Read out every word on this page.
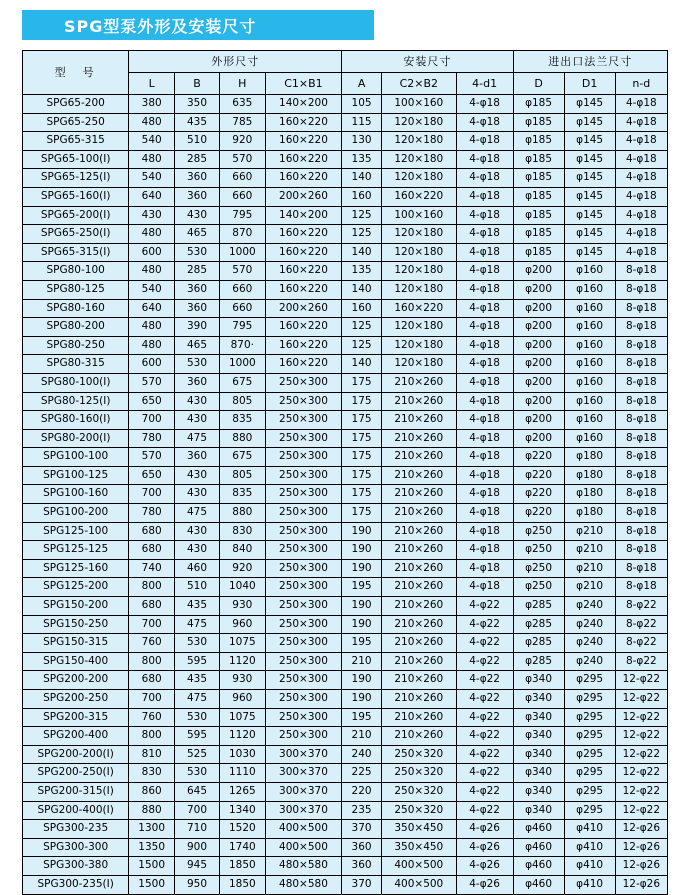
SPG型泵外形及安装尺寸
型　号	外形尺寸				安装尺寸			进出口法兰尺寸		
	L	B	H	C1×B1	A	C2×B2	4-d1	D	D1	n-d
SPG65-200	380	350	635	140×200	105	100×160	4-φ18	φ185	φ145	4-φ18
SPG65-250	480	435	785	160×220	115	120×180	4-φ18	φ185	φ145	4-φ18
SPG65-315	540	510	920	160×220	130	120×180	4-φ18	φ185	φ145	4-φ18
SPG65-100(Ⅰ)	480	285	570	160×220	135	120×180	4-φ18	φ185	φ145	4-φ18
SPG65-125(Ⅰ)	540	360	660	160×220	140	120×180	4-φ18	φ185	φ145	4-φ18
SPG65-160(Ⅰ)	640	360	660	200×260	160	160×220	4-φ18	φ185	φ145	4-φ18
SPG65-200(Ⅰ)	430	430	795	140×200	125	100×160	4-φ18	φ185	φ145	4-φ18
SPG65-250(Ⅰ)	480	465	870	160×220	125	120×180	4-φ18	φ185	φ145	4-φ18
SPG65-315(Ⅰ)	600	530	1000	160×220	140	120×180	4-φ18	φ185	φ145	4-φ18
SPG80-100	480	285	570	160×220	135	120×180	4-φ18	φ200	φ160	8-φ18
SPG80-125	540	360	660	160×220	140	120×180	4-φ18	φ200	φ160	8-φ18
SPG80-160	640	360	660	200×260	160	160×220	4-φ18	φ200	φ160	8-φ18
SPG80-200	480	390	795	160×220	125	120×180	4-φ18	φ200	φ160	8-φ18
SPG80-250	480	465	870·	160×220	125	120×180	4-φ18	φ200	φ160	8-φ18
SPG80-315	600	530	1000	160×220	140	120×180	4-φ18	φ200	φ160	8-φ18
SPG80-100(Ⅰ)	570	360	675	250×300	175	210×260	4-φ18	φ200	φ160	8-φ18
SPG80-125(Ⅰ)	650	430	805	250×300	175	210×260	4-φ18	φ200	φ160	8-φ18
SPG80-160(Ⅰ)	700	430	835	250×300	175	210×260	4-φ18	φ200	φ160	8-φ18
SPG80-200(Ⅰ)	780	475	880	250×300	175	210×260	4-φ18	φ200	φ160	8-φ18
SPG100-100	570	360	675	250×300	175	210×260	4-φ18	φ220	φ180	8-φ18
SPG100-125	650	430	805	250×300	175	210×260	4-φ18	φ220	φ180	8-φ18
SPG100-160	700	430	835	250×300	175	210×260	4-φ18	φ220	φ180	8-φ18
SPG100-200	780	475	880	250×300	175	210×260	4-φ18	φ220	φ180	8-φ18
SPG125-100	680	430	830	250×300	190	210×260	4-φ18	φ250	φ210	8-φ18
SPG125-125	680	430	840	250×300	190	210×260	4-φ18	φ250	φ210	8-φ18
SPG125-160	740	460	920	250×300	190	210×260	4-φ18	φ250	φ210	8-φ18
SPG125-200	800	510	1040	250×300	195	210×260	4-φ18	φ250	φ210	8-φ18
SPG150-200	680	435	930	250×300	190	210×260	4-φ22	φ285	φ240	8-φ22
SPG150-250	700	475	960	250×300	190	210×260	4-φ22	φ285	φ240	8-φ22
SPG150-315	760	530	1075	250×300	195	210×260	4-φ22	φ285	φ240	8-φ22
SPG150-400	800	595	1120	250×300	210	210×260	4-φ22	φ285	φ240	8-φ22
SPG200-200	680	435	930	250×300	190	210×260	4-φ22	φ340	φ295	12-φ22
SPG200-250	700	475	960	250×300	190	210×260	4-φ22	φ340	φ295	12-φ22
SPG200-315	760	530	1075	250×300	195	210×260	4-φ22	φ340	φ295	12-φ22
SPG200-400	800	595	1120	250×300	210	210×260	4-φ22	φ340	φ295	12-φ22
SPG200-200(Ⅰ)	810	525	1030	300×370	240	250×320	4-φ22	φ340	φ295	12-φ22
SPG200-250(Ⅰ)	830	530	1110	300×370	225	250×320	4-φ22	φ340	φ295	12-φ22
SPG200-315(Ⅰ)	860	645	1265	300×370	220	250×320	4-φ22	φ340	φ295	12-φ22
SPG200-400(Ⅰ)	880	700	1340	300×370	235	250×320	4-φ22	φ340	φ295	12-φ22
SPG300-235	1300	710	1520	400×500	370	350×450	4-φ26	φ460	φ410	12-φ26
SPG300-300	1350	900	1740	400×500	360	350×450	4-φ26	φ460	φ410	12-φ26
SPG300-380	1500	945	1850	480×580	360	400×500	4-φ26	φ460	φ410	12-φ26
SPG300-235(Ⅰ)	1500	950	1850	480×580	370	400×500	4-φ26	φ460	φ410	12-φ26
